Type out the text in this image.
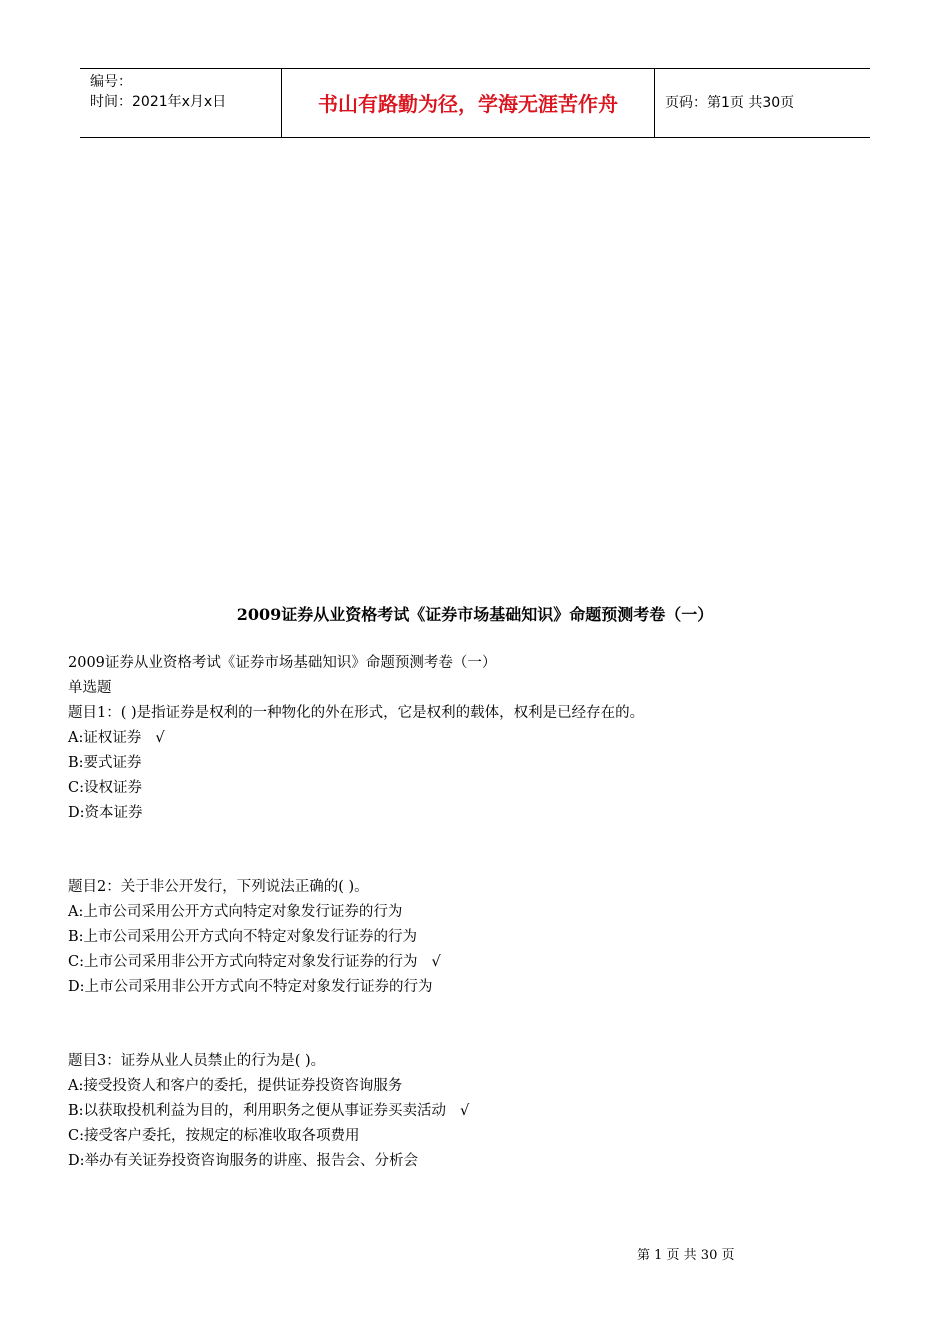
编号：
时间：2021年x月x日	书山有路勤为径，学海无涯苦作舟	页码：第1页 共30页
2009证券从业资格考试《证券市场基础知识》命题预测考卷（一）
2009证券从业资格考试《证券市场基础知识》命题预测考卷（一）
单选题
题目1：( )是指证券是权利的一种物化的外在形式，它是权利的载体，权利是已经存在的。
A:证权证券 √
B:要式证券
C:设权证券
D:资本证券
题目2：关于非公开发行，下列说法正确的( )。
A:上市公司采用公开方式向特定对象发行证券的行为
B:上市公司采用公开方式向不特定对象发行证券的行为
C:上市公司采用非公开方式向特定对象发行证券的行为 √
D:上市公司采用非公开方式向不特定对象发行证券的行为
题目3：证券从业人员禁止的行为是( )。
A:接受投资人和客户的委托，提供证券投资咨询服务
B:以获取投机利益为目的，利用职务之便从事证券买卖活动 √
C:接受客户委托，按规定的标准收取各项费用
D:举办有关证券投资咨询服务的讲座、报告会、分析会
第 1 页 共 30 页
